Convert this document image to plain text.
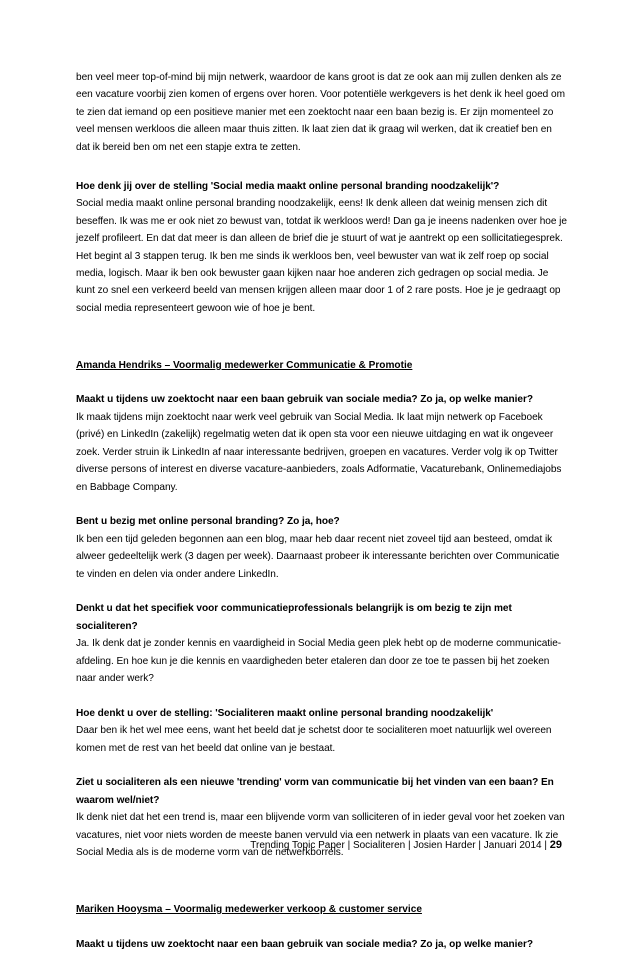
ben veel meer top-of-mind bij mijn netwerk, waardoor de kans groot is dat ze ook aan mij zullen denken als ze een vacature voorbij zien komen of ergens over horen. Voor potentiële werkgevers is het denk ik heel goed om te zien dat iemand op een positieve manier met een zoektocht naar een baan bezig is. Er zijn momenteel zo veel mensen werkloos die alleen maar thuis zitten. Ik laat zien dat ik graag wil werken, dat ik creatief ben en dat ik bereid ben om net een stapje extra te zetten.

Hoe denk jij over de stelling 'Social media maakt online personal branding noodzakelijk'?

Social media maakt online personal branding noodzakelijk, eens! Ik denk alleen dat weinig mensen zich dit beseffen. Ik was me er ook niet zo bewust van, totdat ik werkloos werd! Dan ga je ineens nadenken over hoe je jezelf profileert. En dat dat meer is dan alleen de brief die je stuurt of wat je aantrekt op een sollicitatiegesprek. Het begint al 3 stappen terug. Ik ben me sinds ik werkloos ben, veel bewuster van wat ik zelf roep op social media, logisch. Maar ik ben ook bewuster gaan kijken naar hoe anderen zich gedragen op social media. Je kunt zo snel een verkeerd beeld van mensen krijgen alleen maar door 1 of 2 rare posts. Hoe je je gedraagt op social media representeert gewoon wie of hoe je bent.

Amanda Hendriks – Voormalig medewerker Communicatie & Promotie

Maakt u tijdens uw zoektocht naar een baan gebruik van sociale media? Zo ja, op welke manier?

Ik maak tijdens mijn zoektocht naar werk veel gebruik van Social Media. Ik laat mijn netwerk op Faceboek (privé) en LinkedIn (zakelijk) regelmatig weten dat ik open sta voor een nieuwe uitdaging en wat ik ongeveer zoek. Verder struin ik LinkedIn af naar interessante bedrijven, groepen en vacatures. Verder volg ik op Twitter diverse persons of interest en diverse vacature-aanbieders, zoals Adformatie, Vacaturebank, Onlinemediajobs en Babbage Company.

Bent u bezig met online personal branding? Zo ja, hoe?

Ik ben een tijd geleden begonnen aan een blog, maar heb daar recent niet zoveel tijd aan besteed, omdat ik alweer gedeeltelijk werk (3 dagen per week). Daarnaast probeer ik interessante berichten over Communicatie te vinden en delen via onder andere LinkedIn.

Denkt u dat het specifiek voor communicatieprofessionals belangrijk is om bezig te zijn met socialiteren?

Ja. Ik denk dat je zonder kennis en vaardigheid in Social Media geen plek hebt op de moderne communicatie-afdeling. En hoe kun je die kennis en vaardigheden beter etaleren dan door ze toe te passen bij het zoeken naar ander werk?

Hoe denkt u over de stelling: 'Socialiteren maakt online personal branding noodzakelijk'

Daar ben ik het wel mee eens, want het beeld dat je schetst door te socialiteren moet natuurlijk wel overeen komen met de rest van het beeld dat online van je bestaat.

Ziet u socialiteren als een nieuwe 'trending' vorm van communicatie bij het vinden van een baan? En waarom wel/niet?

Ik denk niet dat het een trend is, maar een blijvende vorm van solliciteren of in ieder geval voor het zoeken van vacatures, niet voor niets worden de meeste banen vervuld via een netwerk in plaats van een vacature. Ik zie Social Media als is de moderne vorm van de netwerkborrels.

Mariken Hooysma – Voormalig medewerker verkoop & customer service

Maakt u tijdens uw zoektocht naar een baan gebruik van sociale media? Zo ja, op welke manier?

Trending Topic Paper | Socialiteren | Josien Harder | Januari 2014 | 29
